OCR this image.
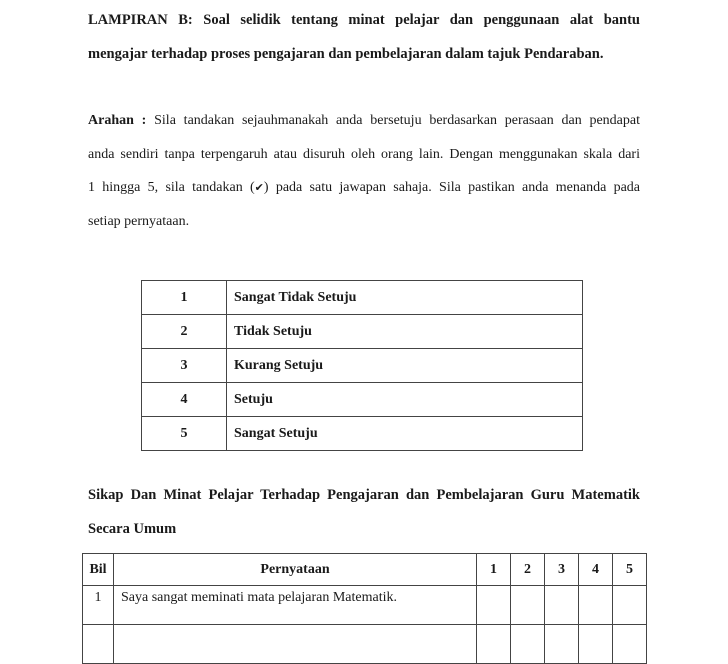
LAMPIRAN B: Soal selidik tentang minat pelajar dan penggunaan alat bantu

mengajar terhadap proses pengajaran dan pembelajaran dalam tajuk Pendaraban.

Arahan : Sila tandakan sejauhmanakah anda bersetuju berdasarkan perasaan dan pendapat

anda sendiri tanpa terpengaruh atau disuruh oleh orang lain. Dengan menggunakan skala dari

1 hingga 5, sila tandakan (✔) pada satu jawapan sahaja. Sila pastikan anda menanda pada

setiap pernyataan.

1	Sangat Tidak Setuju
2	Tidak Setuju
3	Kurang Setuju
4	Setuju
5	Sangat Setuju

Sikap Dan Minat Pelajar Terhadap Pengajaran dan Pembelajaran Guru Matematik

Secara Umum

Bil	Pernyataan	1	2	3	4	5
1	Saya sangat meminati mata pelajaran Matematik.					
